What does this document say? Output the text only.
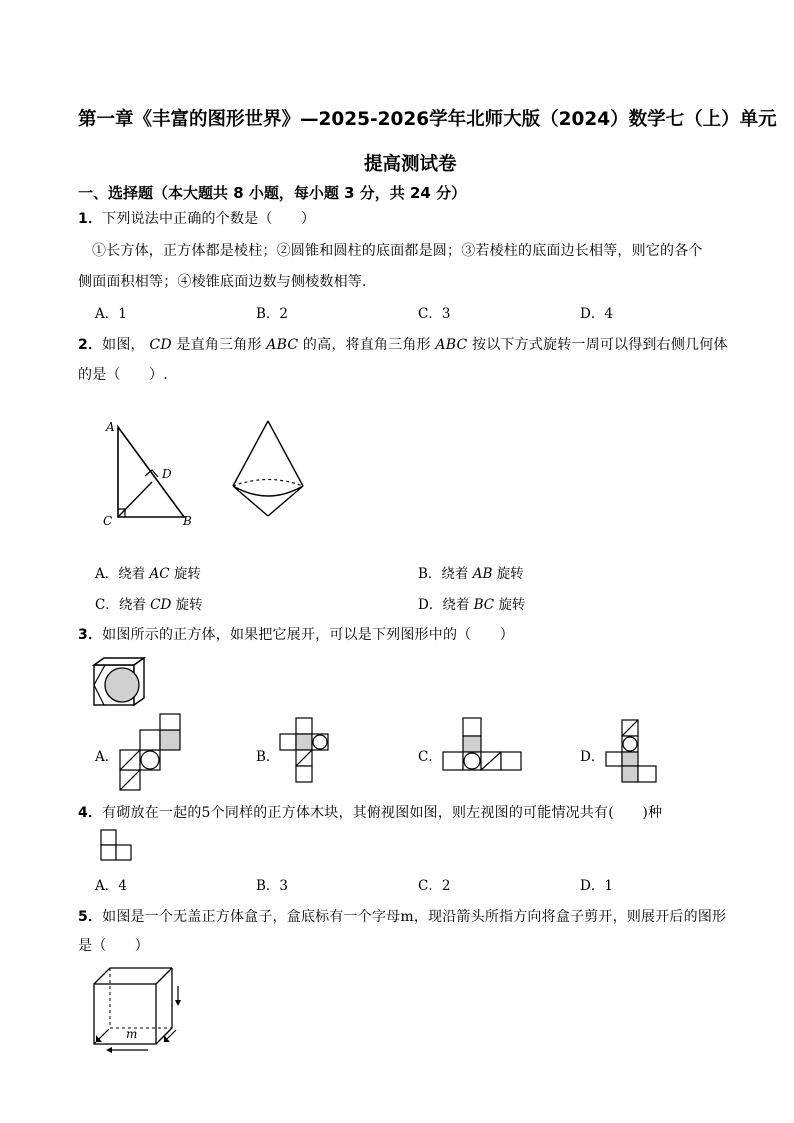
第一章《丰富的图形世界》—2025-2026学年北师大版（2024）数学七（上）单元
提高测试卷
一、选择题（本大题共 8 小题，每小题 3 分，共 24 分）
1．下列说法中正确的个数是（　　）
①长方体，正方体都是棱柱；②圆锥和圆柱的底面都是圆；③若棱柱的底面边长相等，则它的各个
侧面面积相等；④棱锥底面边数与侧棱数相等．
A．1	B．2	C．3	D．4
2．如图， CD 是直角三角形 ABC 的高，将直角三角形 ABC 按以下方式旋转一周可以得到右侧几何体
的是（　　）.
A
D
C	B
A．绕着 AC 旋转	B．绕着 AB 旋转
C．绕着 CD 旋转	D．绕着 BC 旋转
3．如图所示的正方体，如果把它展开，可以是下列图形中的（　　）
A．	B．	C．	D．
4．有砌放在一起的5个同样的正方体木块，其俯视图如图，则左视图的可能情况共有(　　)种
A．4	B．3	C．2	D．1
5．如图是一个无盖正方体盒子，盒底标有一个字母m，现沿箭头所指方向将盒子剪开，则展开后的图形
是（　　）
m
